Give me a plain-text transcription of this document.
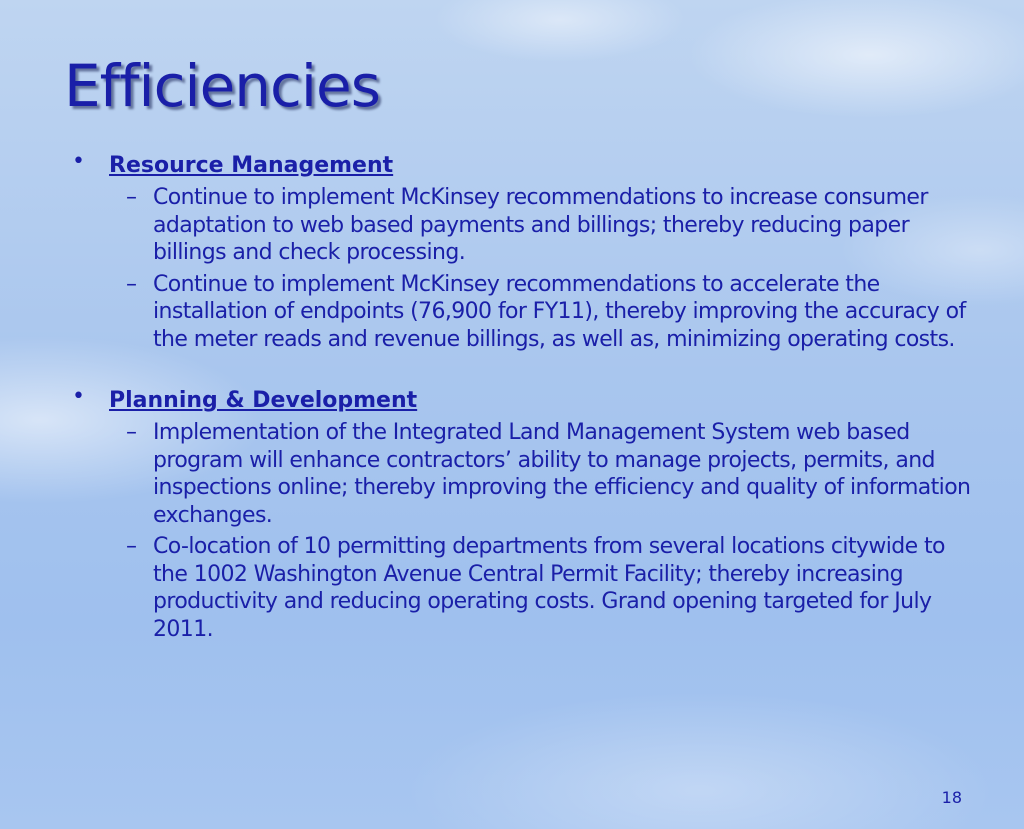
Efficiencies
• Resource Management
– Continue to implement McKinsey recommendations to increase consumer adaptation to web based payments and billings; thereby reducing paper billings and check processing.
– Continue to implement McKinsey recommendations to accelerate the installation of endpoints (76,900 for FY11), thereby improving the accuracy of the meter reads and revenue billings, as well as, minimizing operating costs.
• Planning & Development
– Implementation of the Integrated Land Management System web based program will enhance contractors’ ability to manage projects, permits, and inspections online; thereby improving the efficiency and quality of information exchanges.
– Co-location of 10 permitting departments from several locations citywide to the 1002 Washington Avenue Central Permit Facility; thereby increasing productivity and reducing operating costs. Grand opening targeted for July 2011.
18
